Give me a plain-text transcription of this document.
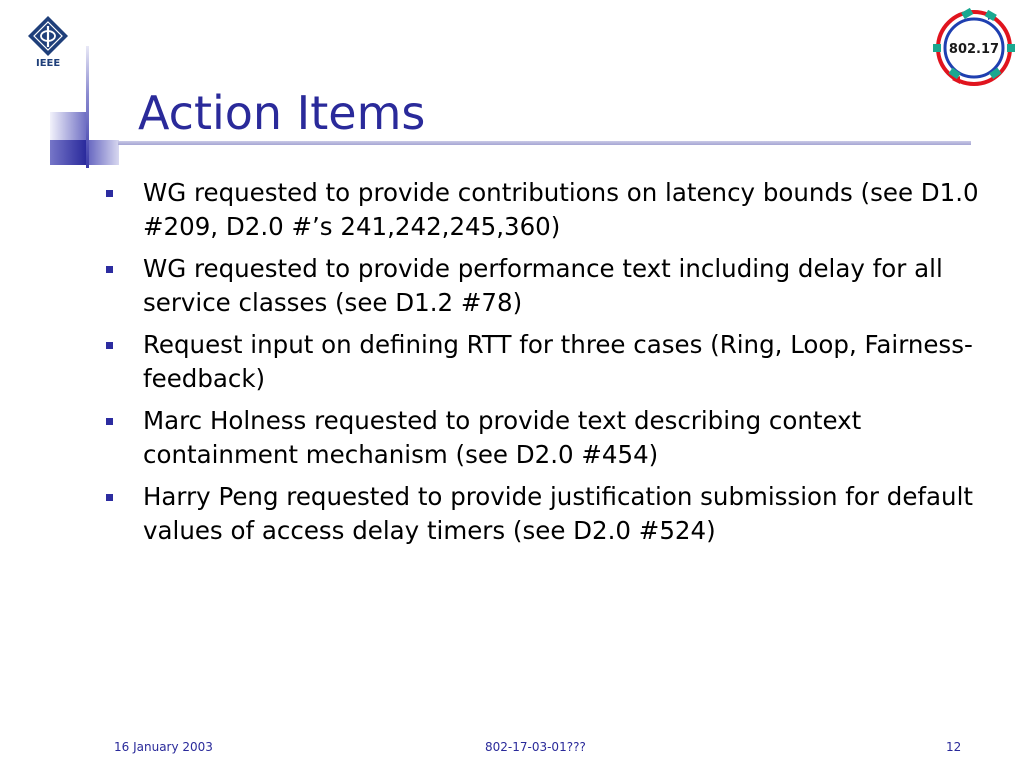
IEEE
802.17
Action Items
WG requested to provide contributions on latency bounds (see D1.0 #209, D2.0 #’s 241,242,245,360)
WG requested to provide performance text including delay for all service classes (see D1.2 #78)
Request input on defining RTT for three cases (Ring, Loop, Fairness-feedback)
Marc Holness requested to provide text describing context containment mechanism (see D2.0 #454)
Harry Peng requested to provide justification submission for default values of access delay timers (see D2.0 #524)
16 January 2003	802-17-03-01???	12
